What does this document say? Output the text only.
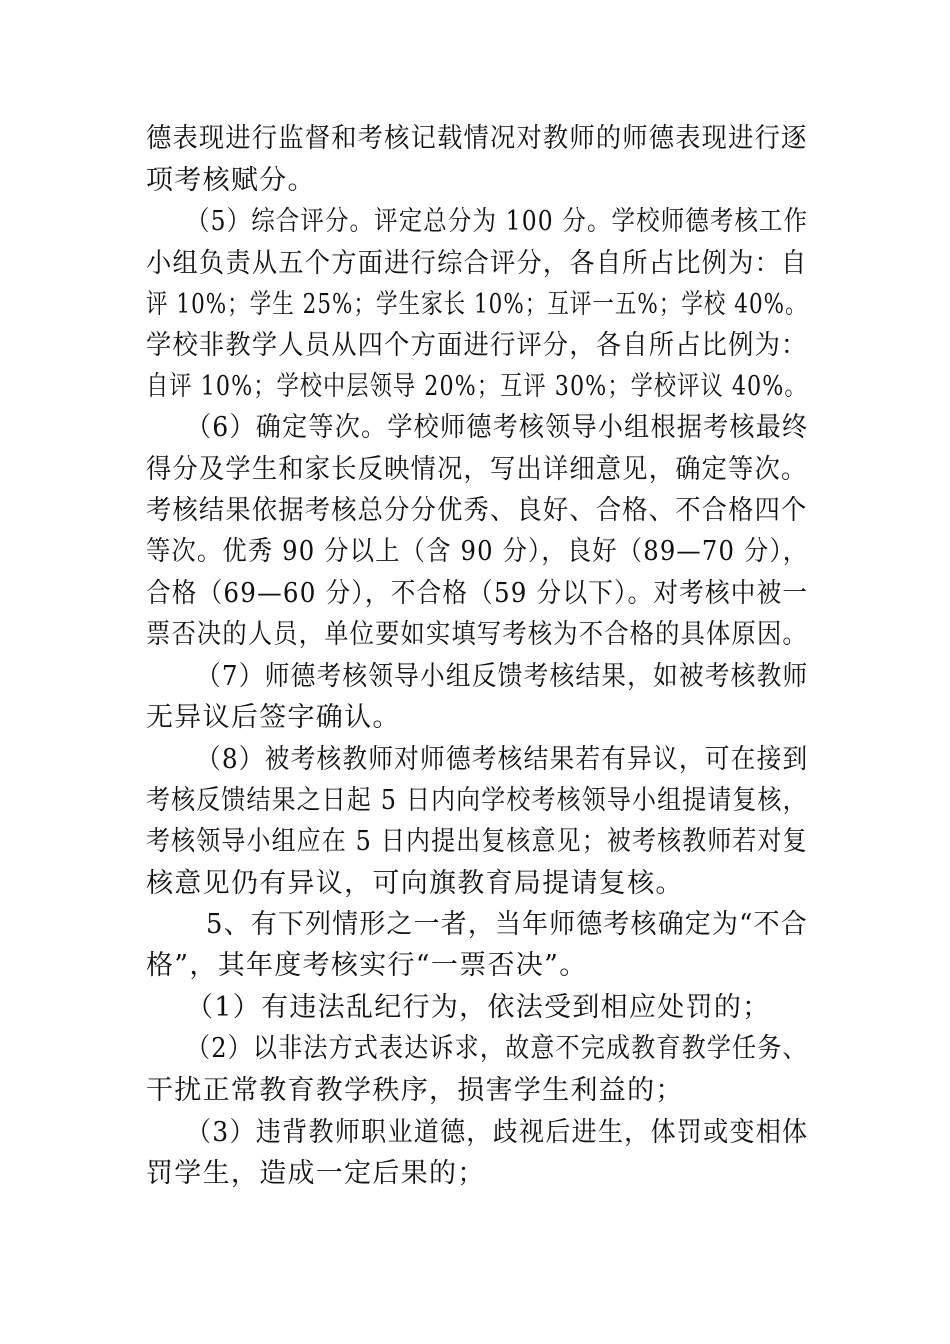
德表现进行监督和考核记载情况对教师的师德表现进行逐
项考核赋分。
（5）综合评分。评定总分为 100 分。学校师德考核工作
小组负责从五个方面进行综合评分，各自所占比例为：自
评 10%；学生 25%；学生家长 10%；互评一五%；学校 40%。
学校非教学人员从四个方面进行评分，各自所占比例为：
自评 10%；学校中层领导 20%；互评 30%；学校评议 40%。
（6）确定等次。学校师德考核领导小组根据考核最终
得分及学生和家长反映情况，写出详细意见，确定等次。
考核结果依据考核总分分优秀、良好、合格、不合格四个
等次。优秀 90 分以上（含 90 分），良好（89—70 分），
合格（69—60 分），不合格（59 分以下）。对考核中被一
票否决的人员，单位要如实填写考核为不合格的具体原因。
（7）师德考核领导小组反馈考核结果，如被考核教师
无异议后签字确认。
（8）被考核教师对师德考核结果若有异议，可在接到
考核反馈结果之日起 5 日内向学校考核领导小组提请复核，
考核领导小组应在 5 日内提出复核意见；被考核教师若对复
核意见仍有异议，可向旗教育局提请复核。
5、有下列情形之一者，当年师德考核确定为“不合
格”，其年度考核实行“一票否决”。
（1）有违法乱纪行为，依法受到相应处罚的；
（2）以非法方式表达诉求，故意不完成教育教学任务、
干扰正常教育教学秩序，损害学生利益的；
（3）违背教师职业道德，歧视后进生，体罚或变相体
罚学生，造成一定后果的；
